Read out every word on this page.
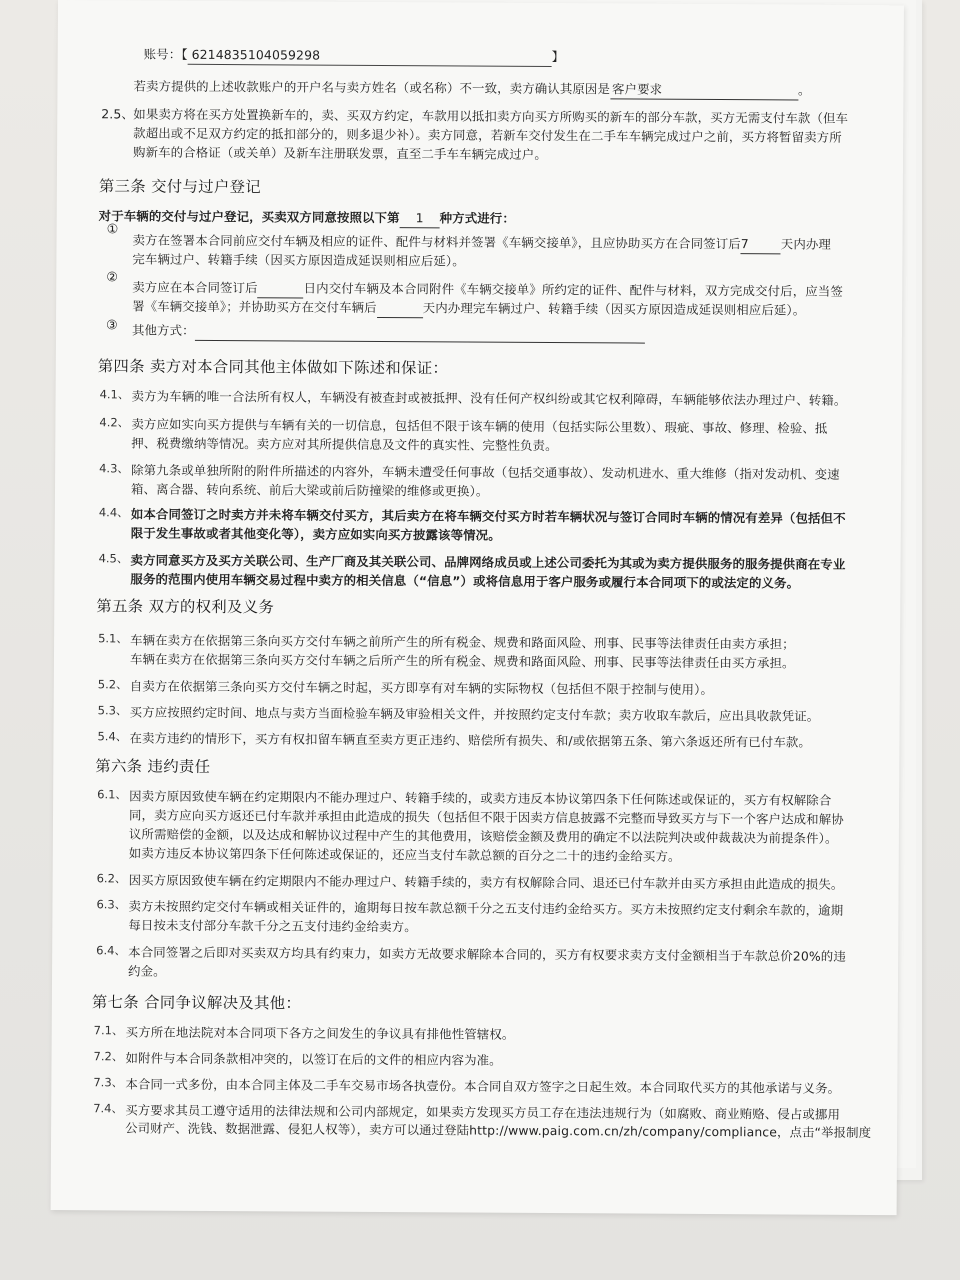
账号：【 6214835104059298	】
若卖方提供的上述收款账户的开户名与卖方姓名（或名称）不一致，卖方确认其原因是 客户要求	。
2.5、 如果卖方将在买方处置换新车的，卖、买双方约定，车款用以抵扣卖方向买方所购买的新车的部分车款，买方无需支付车款（但车
款超出或不足双方约定的抵扣部分的，则多退少补）。卖方同意，若新车交付发生在二手车车辆完成过户之前，买方将暂留卖方所
购新车的合格证（或关单）及新车注册联发票，直至二手车车辆完成过户。
第三条 交付与过户登记
对于车辆的交付与过户登记，买卖双方同意按照以下第 1 种方式进行：
①
卖方在签署本合同前应交付车辆及相应的证件、配件与材料并签署《车辆交接单》，且应协助买方在合同签订后7	天内办理
完车辆过户、转籍手续（因买方原因造成延误则相应后延）。
②
卖方应在本合同签订后	日内交付车辆及本合同附件《车辆交接单》所约定的证件、配件与材料，双方完成交付后，应当签
署《车辆交接单》；并协助买方在交付车辆后	天内办理完车辆过户、转籍手续（因买方原因造成延误则相应后延）。
③ 其他方式：
第四条 卖方对本合同其他主体做如下陈述和保证：
4.1、 卖方为车辆的唯一合法所有权人，车辆没有被查封或被抵押、没有任何产权纠纷或其它权利障碍，车辆能够依法办理过户、转籍。
4.2、 卖方应如实向买方提供与车辆有关的一切信息，包括但不限于该车辆的使用（包括实际公里数）、瑕疵、事故、修理、检验、抵
押、税费缴纳等情况。卖方应对其所提供信息及文件的真实性、完整性负责。
4.3、 除第九条或单独所附的附件所描述的内容外，车辆未遭受任何事故（包括交通事故）、发动机进水、重大维修（指对发动机、变速
箱、离合器、转向系统、前后大梁或前后防撞梁的维修或更换）。
4.4、 如本合同签订之时卖方并未将车辆交付买方，其后卖方在将车辆交付买方时若车辆状况与签订合同时车辆的情况有差异（包括但不
限于发生事故或者其他变化等），卖方应如实向买方披露该等情况。
4.5、 卖方同意买方及买方关联公司、生产厂商及其关联公司、品牌网络成员或上述公司委托为其或为卖方提供服务的服务提供商在专业
服务的范围内使用车辆交易过程中卖方的相关信息（“信息”）或将信息用于客户服务或履行本合同项下的或法定的义务。
第五条 双方的权利及义务
5.1、 车辆在卖方在依据第三条向买方交付车辆之前所产生的所有税金、规费和路面风险、刑事、民事等法律责任由卖方承担；
车辆在卖方在依据第三条向买方交付车辆之后所产生的所有税金、规费和路面风险、刑事、民事等法律责任由买方承担。
5.2、 自卖方在依据第三条向买方交付车辆之时起，买方即享有对车辆的实际物权（包括但不限于控制与使用）。
5.3、 买方应按照约定时间、地点与卖方当面检验车辆及审验相关文件，并按照约定支付车款；卖方收取车款后，应出具收款凭证。
5.4、 在卖方违约的情形下，买方有权扣留车辆直至卖方更正违约、赔偿所有损失、和/或依据第五条、第六条返还所有已付车款。
第六条 违约责任
6.1、 因卖方原因致使车辆在约定期限内不能办理过户、转籍手续的，或卖方违反本协议第四条下任何陈述或保证的，买方有权解除合
同，卖方应向买方返还已付车款并承担由此造成的损失（包括但不限于因卖方信息披露不完整而导致买方与下一个客户达成和解协
议所需赔偿的金额，以及达成和解协议过程中产生的其他费用，该赔偿金额及费用的确定不以法院判决或仲裁裁决为前提条件）。
如卖方违反本协议第四条下任何陈述或保证的，还应当支付车款总额的百分之二十的违约金给买方。
6.2、 因买方原因致使车辆在约定期限内不能办理过户、转籍手续的，卖方有权解除合同、退还已付车款并由买方承担由此造成的损失。
6.3、 卖方未按照约定交付车辆或相关证件的，逾期每日按车款总额千分之五支付违约金给买方。买方未按照约定支付剩余车款的，逾期
每日按未支付部分车款千分之五支付违约金给卖方。
6.4、 本合同签署之后即对买卖双方均具有约束力，如卖方无故要求解除本合同的，买方有权要求卖方支付金额相当于车款总价20%的违
约金。
第七条 合同争议解决及其他：
7.1、 买方所在地法院对本合同项下各方之间发生的争议具有排他性管辖权。
7.2、 如附件与本合同条款相冲突的，以签订在后的文件的相应内容为准。
7.3、 本合同一式多份，由本合同主体及二手车交易市场各执壹份。本合同自双方签字之日起生效。本合同取代买方的其他承诺与义务。
7.4、 买方要求其员工遵守适用的法律法规和公司内部规定，如果卖方发现买方员工存在违法违规行为（如腐败、商业贿赂、侵占或挪用
公司财产、洗钱、数据泄露、侵犯人权等），卖方可以通过登陆http://www.paig.com.cn/zh/company/compliance，点击“举报制度
